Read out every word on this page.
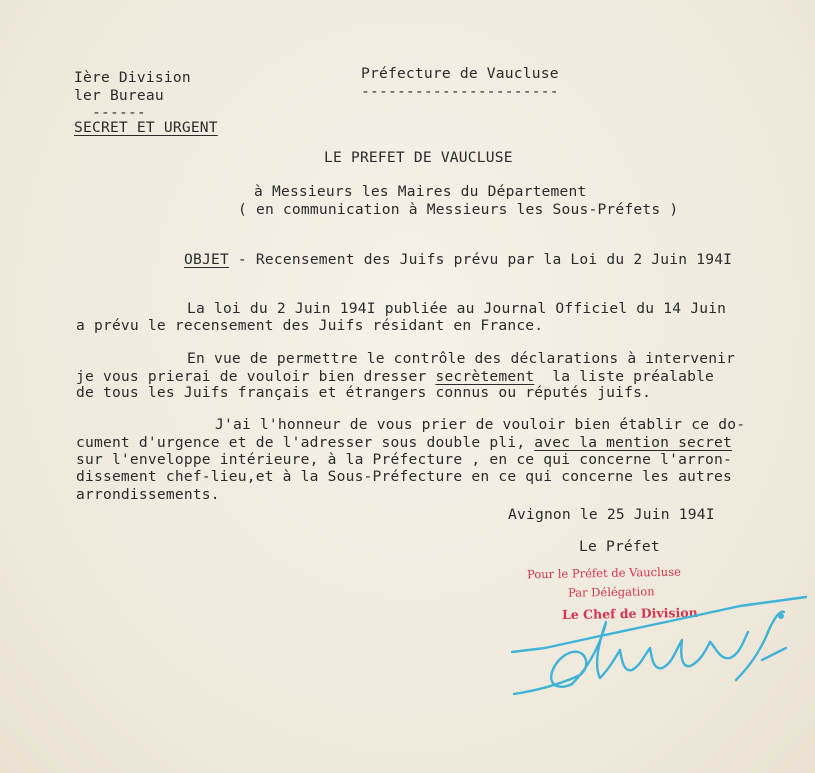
Ière Division
ler Bureau
------
SECRET ET URGENT
Préfecture de Vaucluse
----------------------
LE PREFET DE VAUCLUSE
à Messieurs les Maires du Département
( en communication à Messieurs les Sous-Préfets )
OBJET - Recensement des Juifs prévu par la Loi du 2 Juin 194I
La loi du 2 Juin 194I publiée au Journal Officiel du 14 Juin
a prévu le recensement des Juifs résidant en France.
En vue de permettre le contrôle des déclarations à intervenir
je vous prierai de vouloir bien dresser secrètement  la liste préalable
de tous les Juifs français et étrangers connus ou réputés juifs.
J'ai l'honneur de vous prier de vouloir bien établir ce do-
cument d'urgence et de l'adresser sous double pli, avec la mention secret
sur l'enveloppe intérieure, à la Préfecture , en ce qui concerne l'arron-
dissement chef-lieu,et à la Sous-Préfecture en ce qui concerne les autres
arrondissements.
Avignon le 25 Juin 194I
Le Préfet
Pour le Préfet de Vaucluse
Par Délégation
Le Chef de Division
